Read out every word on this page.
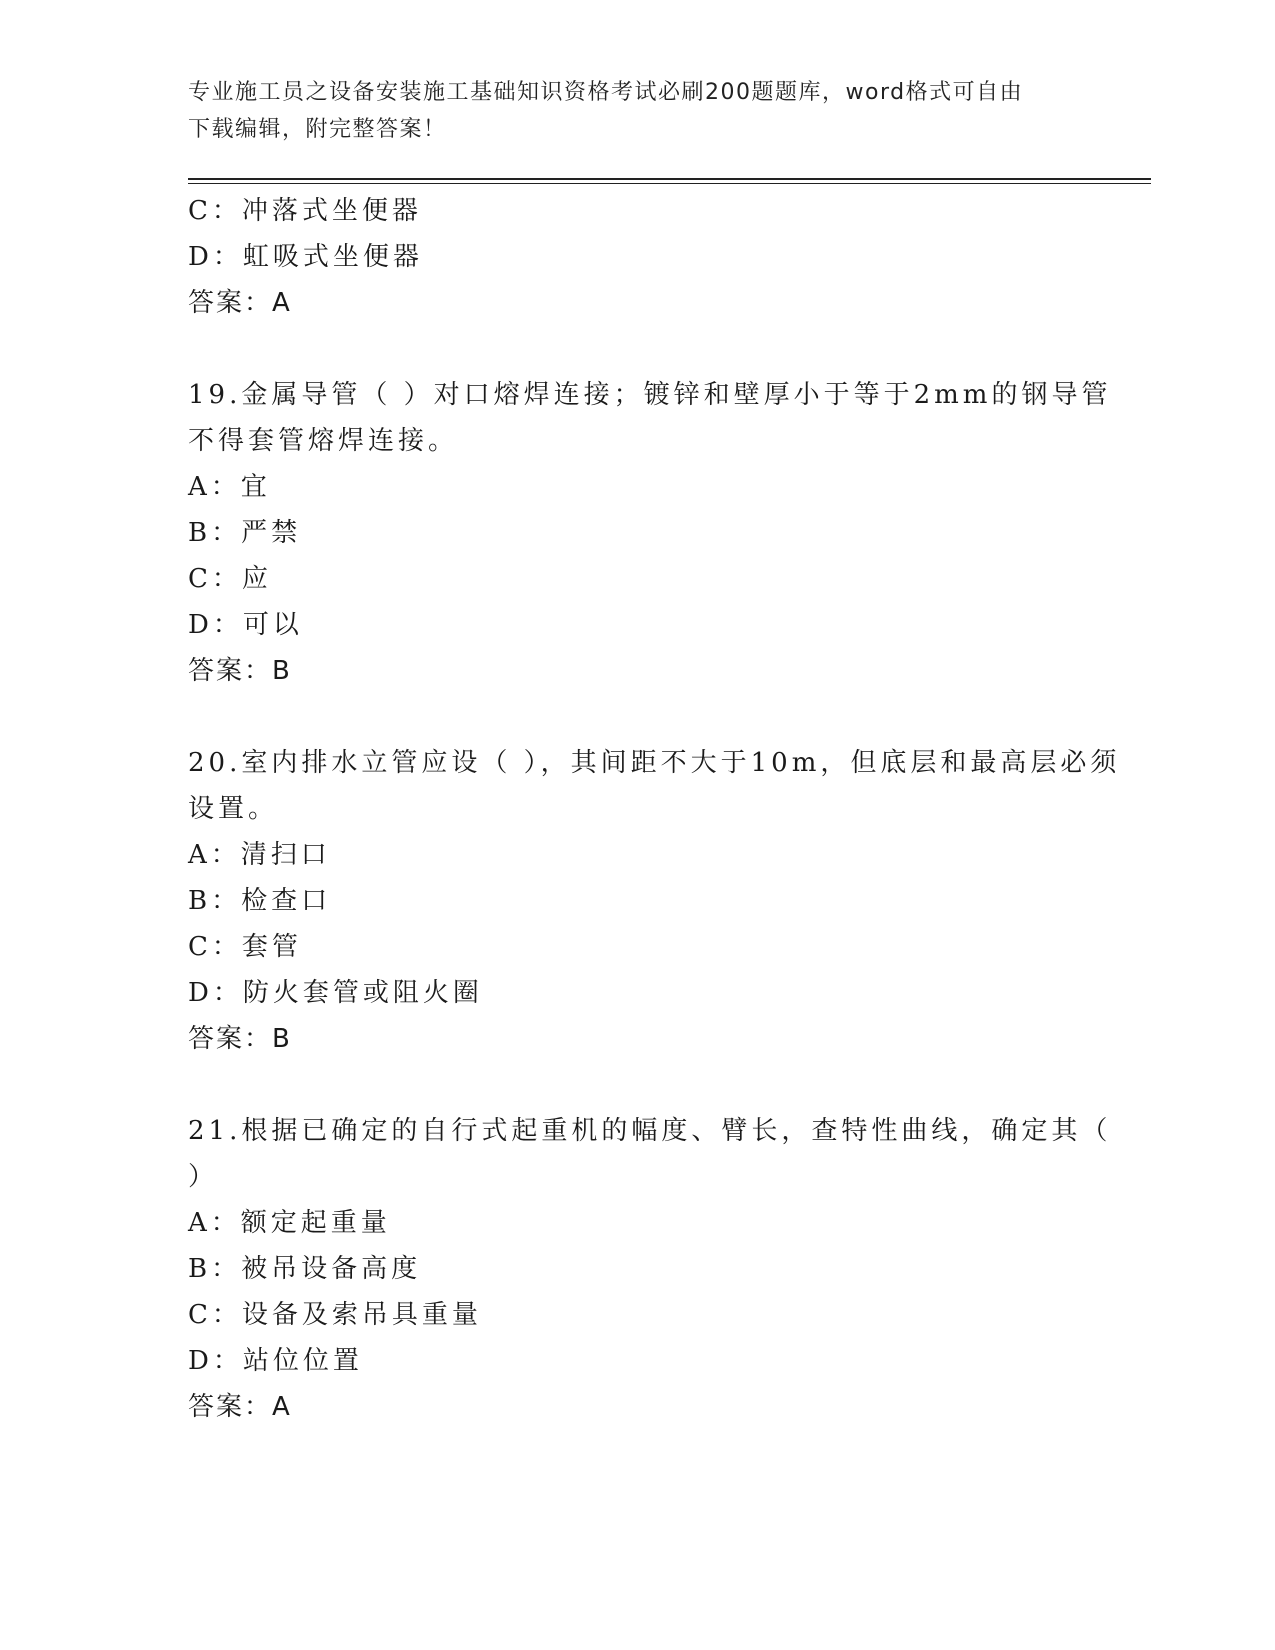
专业施工员之设备安装施工基础知识资格考试必刷200题题库，word格式可自由
下载编辑，附完整答案！
C：冲落式坐便器
D：虹吸式坐便器
答案：A
19.金属导管（ ）对口熔焊连接；镀锌和壁厚小于等于2mm的钢导管
不得套管熔焊连接。
A：宜
B：严禁
C：应
D：可以
答案：B
20.室内排水立管应设（ ），其间距不大于10m，但底层和最高层必须
设置。
A：清扫口
B：检查口
C：套管
D：防火套管或阻火圈
答案：B
21.根据已确定的自行式起重机的幅度、臂长，查特性曲线，确定其（
）
A：额定起重量
B：被吊设备高度
C：设备及索吊具重量
D：站位位置
答案：A
